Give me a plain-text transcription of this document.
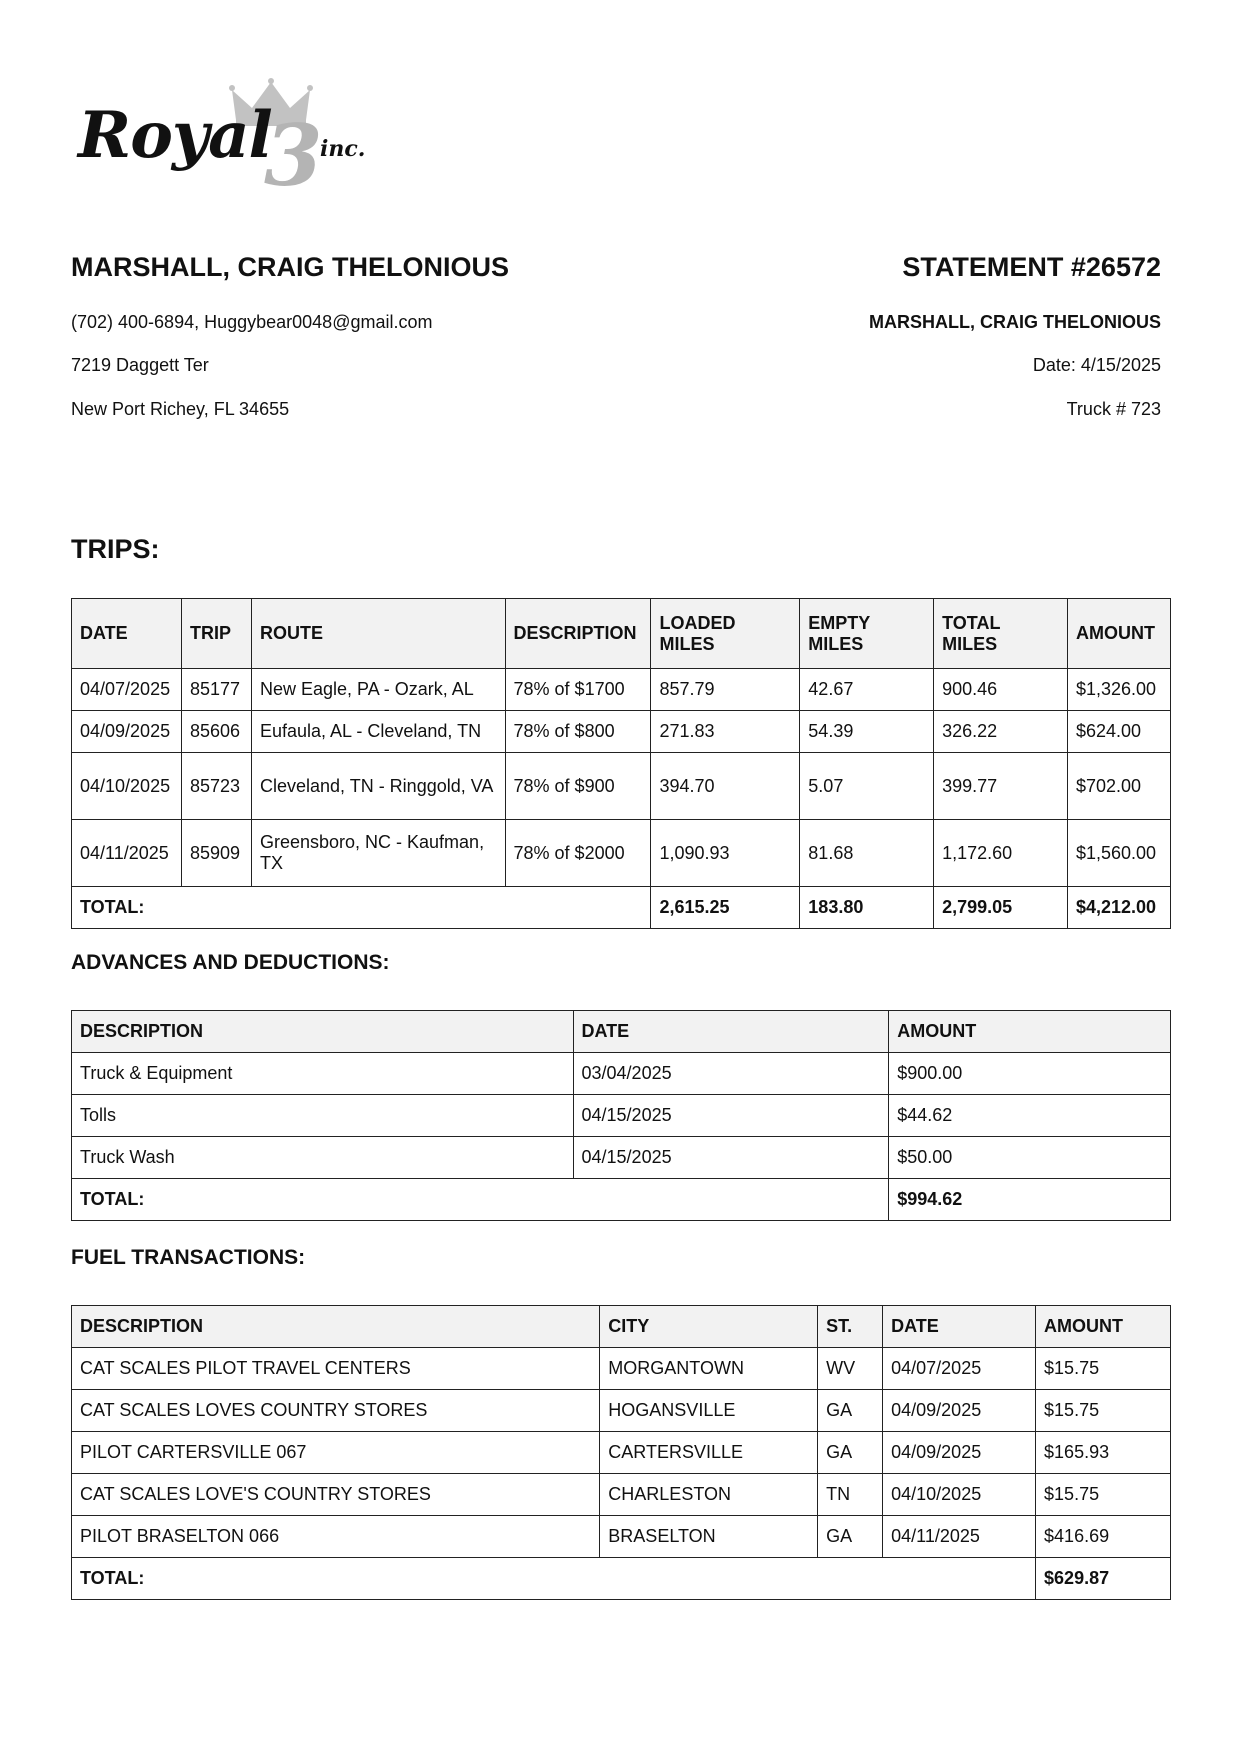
3
Royal inc.
MARSHALL, CRAIG THELONIOUS	STATEMENT #26572
(702) 400-6894, Huggybear0048@gmail.com
7219 Daggett Ter
New Port Richey, FL 34655
MARSHALL, CRAIG THELONIOUS
Date: 4/15/2025
Truck # 723
TRIPS:
DATE	TRIP	ROUTE	DESCRIPTION	LOADED MILES	EMPTY MILES	TOTAL MILES	AMOUNT
04/07/2025	85177	New Eagle, PA - Ozark, AL	78% of $1700	857.79	42.67	900.46	$1,326.00
04/09/2025	85606	Eufaula, AL - Cleveland, TN	78% of $800	271.83	54.39	326.22	$624.00
04/10/2025	85723	Cleveland, TN - Ringgold, VA	78% of $900	394.70	5.07	399.77	$702.00
04/11/2025	85909	Greensboro, NC - Kaufman, TX	78% of $2000	1,090.93	81.68	1,172.60	$1,560.00
TOTAL:				2,615.25	183.80	2,799.05	$4,212.00
ADVANCES AND DEDUCTIONS:
DESCRIPTION	DATE	AMOUNT
Truck & Equipment	03/04/2025	$900.00
Tolls	04/15/2025	$44.62
Truck Wash	04/15/2025	$50.00
TOTAL:		$994.62
FUEL TRANSACTIONS:
DESCRIPTION	CITY	ST.	DATE	AMOUNT
CAT SCALES PILOT TRAVEL CENTERS	MORGANTOWN	WV	04/07/2025	$15.75
CAT SCALES LOVES COUNTRY STORES	HOGANSVILLE	GA	04/09/2025	$15.75
PILOT CARTERSVILLE 067	CARTERSVILLE	GA	04/09/2025	$165.93
CAT SCALES LOVE'S COUNTRY STORES	CHARLESTON	TN	04/10/2025	$15.75
PILOT BRASELTON 066	BRASELTON	GA	04/11/2025	$416.69
TOTAL:				$629.87
